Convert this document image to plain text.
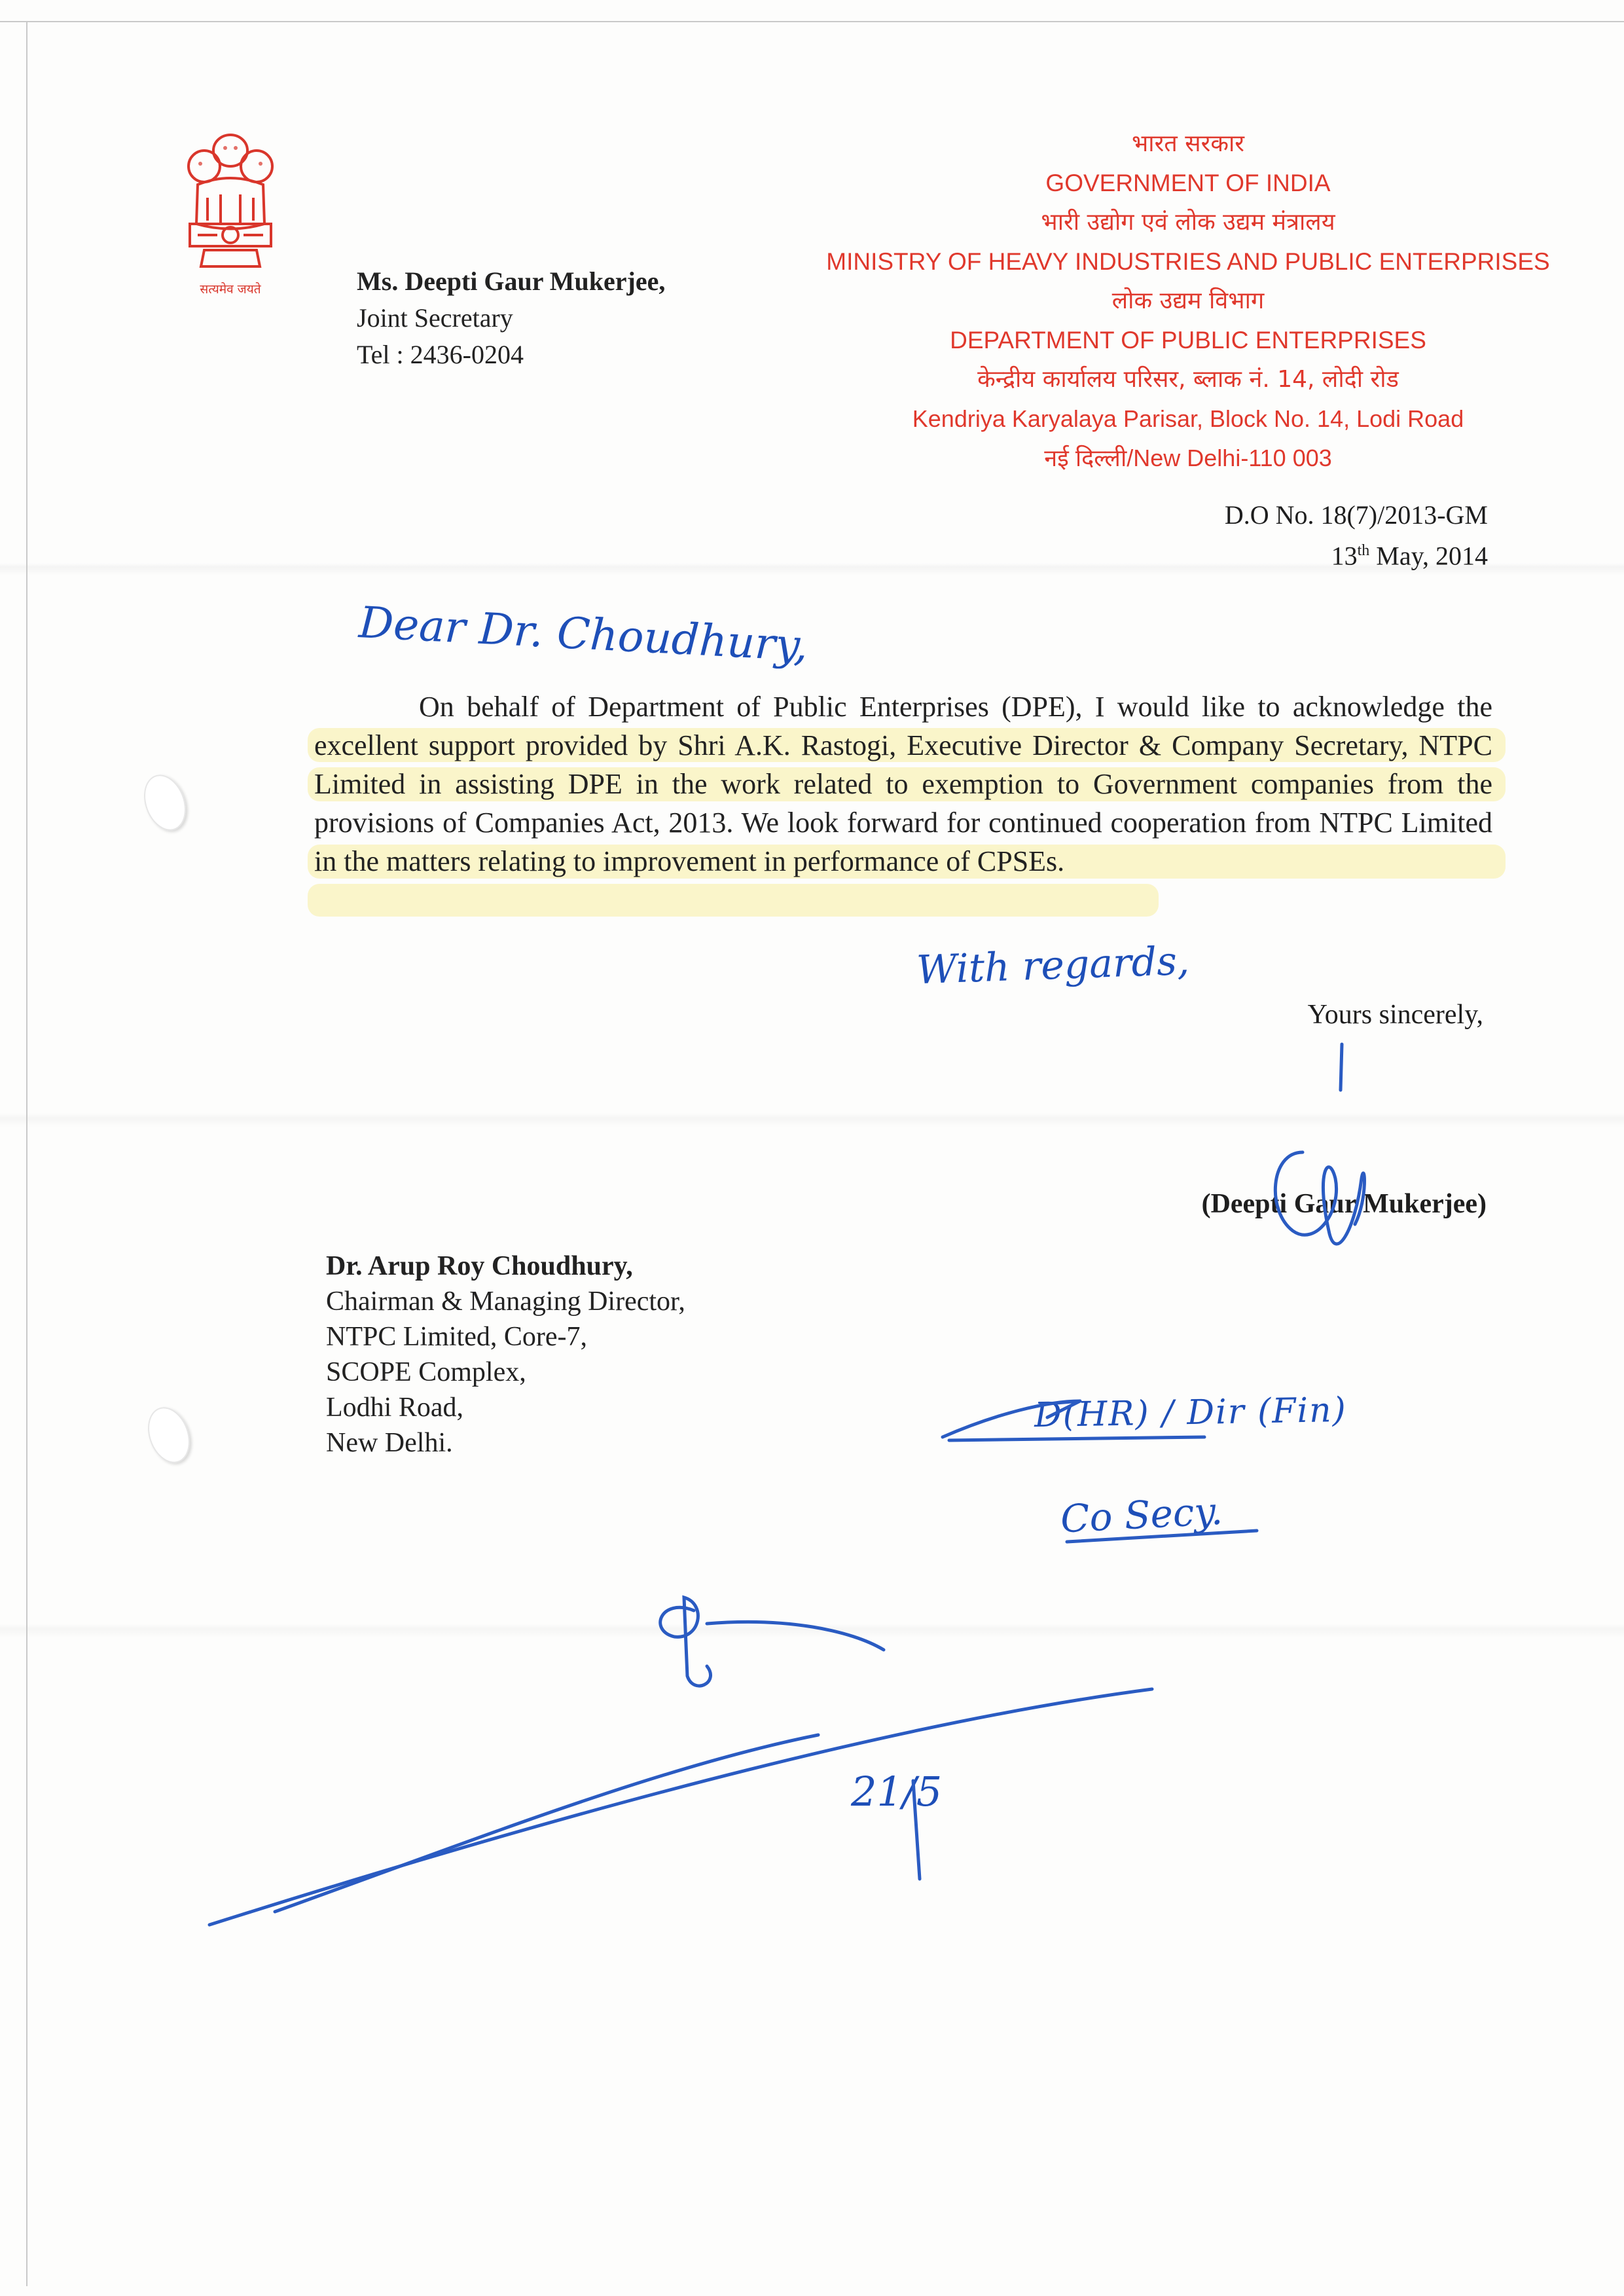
सत्यमेव जयते	Ms. Deepti Gaur Mukerjee,
Joint Secretary
Tel : 2436-0204
भारत सरकार
GOVERNMENT OF INDIA
भारी उद्योग एवं लोक उद्यम मंत्रालय
MINISTRY OF HEAVY INDUSTRIES AND PUBLIC ENTERPRISES
लोक उद्यम विभाग
DEPARTMENT OF PUBLIC ENTERPRISES
केन्द्रीय कार्यालय परिसर, ब्लाक नं. 14, लोदी रोड
Kendriya Karyalaya Parisar, Block No. 14, Lodi Road
नई दिल्ली/New Delhi-110 003
D.O No. 18(7)/2013-GM
13th May, 2014
Dear Dr. Choudhury,

On behalf of Department of Public Enterprises (DPE), I would like to acknowledge the excellent support provided by Shri A.K. Rastogi, Executive Director & Company Secretary, NTPC Limited in assisting DPE in the work related to exemption to Government companies from the provisions of Companies Act, 2013. We look forward for continued cooperation from NTPC Limited in the matters relating to improvement in performance of CPSEs.

With regards,
Yours sincerely,
(Deepti Gaur Mukerjee)
Dr. Arup Roy Choudhury,
Chairman & Managing Director,
NTPC Limited, Core-7,
SCOPE Complex,
Lodhi Road,
New Delhi.
D(HR) / Dir (Fin)
Co Secy.
21/5
